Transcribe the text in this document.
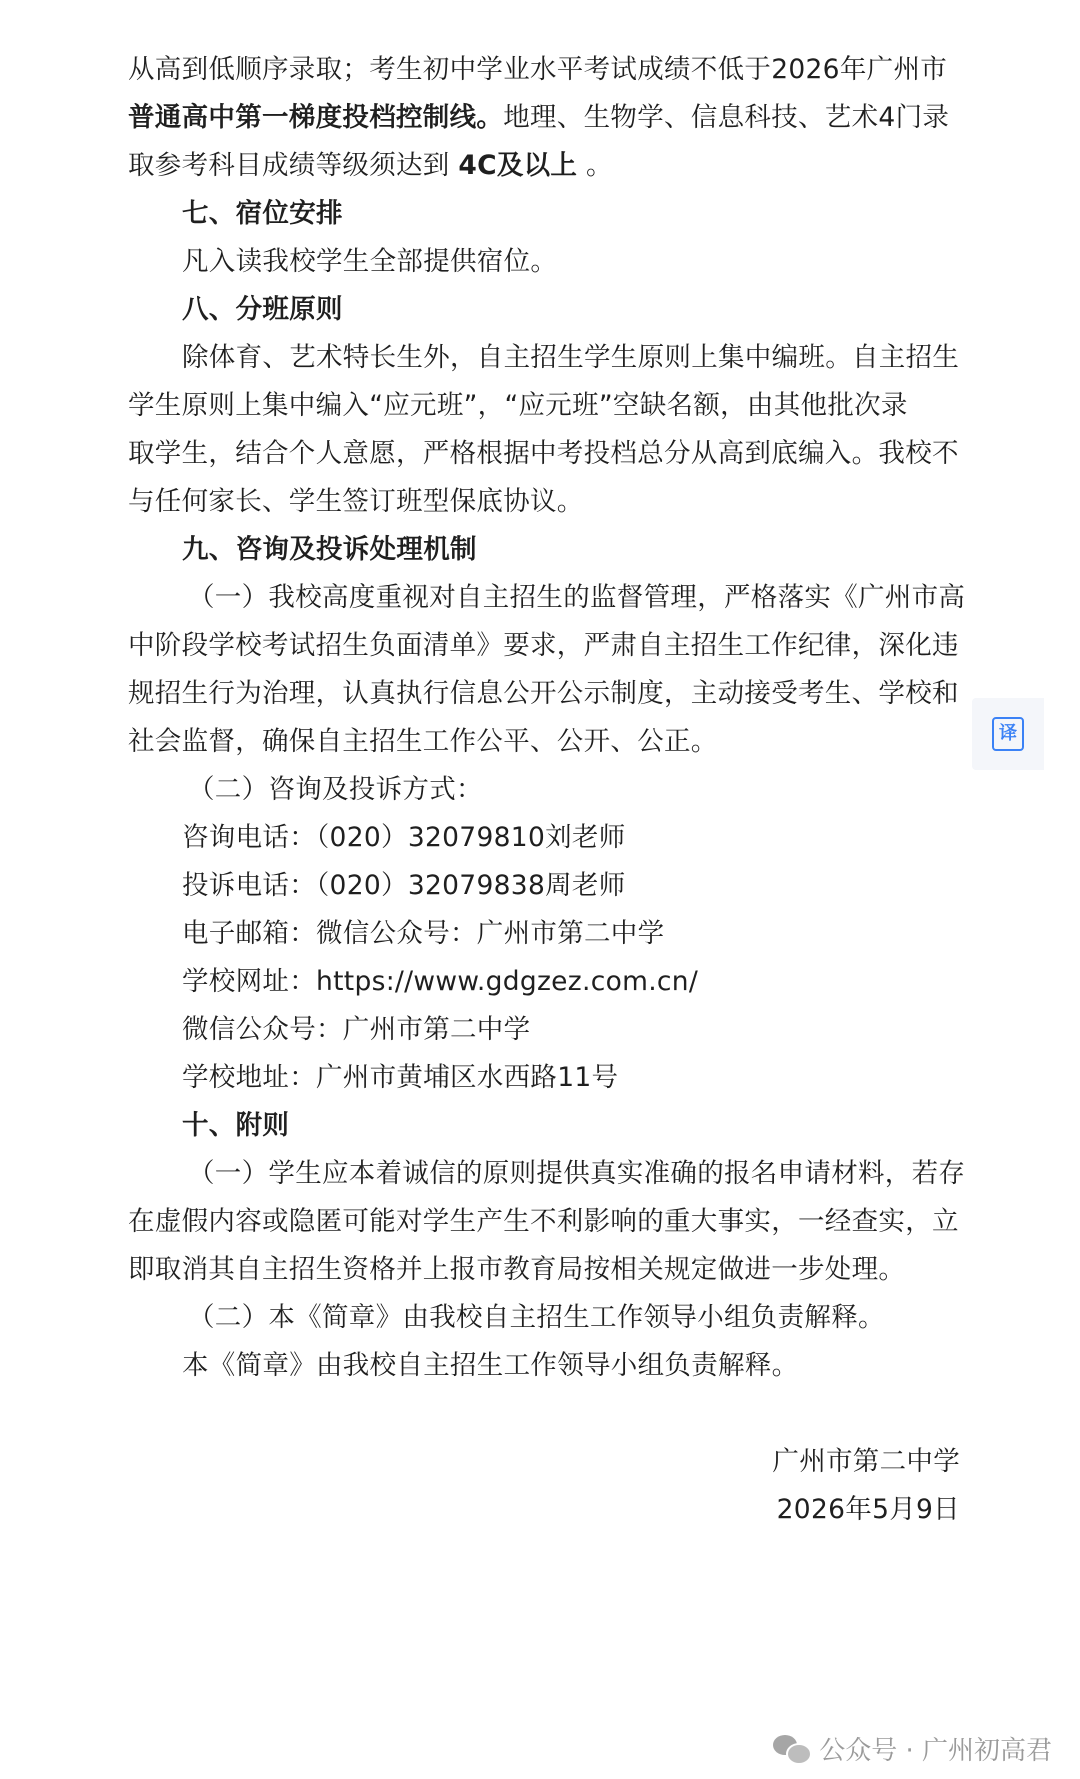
从高到低顺序录取；考生初中学业水平考试成绩不低于2026年广州市
普通高中第一梯度投档控制线。地理、生物学、信息科技、艺术4门录
取参考科目成绩等级须达到 4C及以上 。
七、宿位安排
凡入读我校学生全部提供宿位。
八、分班原则
除体育、艺术特长生外，自主招生学生原则上集中编班。自主招生
学生原则上集中编入“应元班”，“应元班”空缺名额，由其他批次录
取学生，结合个人意愿，严格根据中考投档总分从高到底编入。我校不
与任何家长、学生签订班型保底协议。
九、咨询及投诉处理机制
（一）我校高度重视对自主招生的监督管理，严格落实《广州市高
中阶段学校考试招生负面清单》要求，严肃自主招生工作纪律，深化违
规招生行为治理，认真执行信息公开公示制度，主动接受考生、学校和
社会监督，确保自主招生工作公平、公开、公正。
（二）咨询及投诉方式：
咨询电话：（020）32079810刘老师
投诉电话：（020）32079838周老师
电子邮箱：微信公众号：广州市第二中学
学校网址：https://www.gdgzez.com.cn/
微信公众号：广州市第二中学
学校地址：广州市黄埔区水西路11号
十、附则
（一）学生应本着诚信的原则提供真实准确的报名申请材料，若存
在虚假内容或隐匿可能对学生产生不利影响的重大事实，一经查实，立
即取消其自主招生资格并上报市教育局按相关规定做进一步处理。
（二）本《简章》由我校自主招生工作领导小组负责解释。
本《简章》由我校自主招生工作领导小组负责解释。
广州市第二中学
2026年5月9日
译
公众号 · 广州初高君
